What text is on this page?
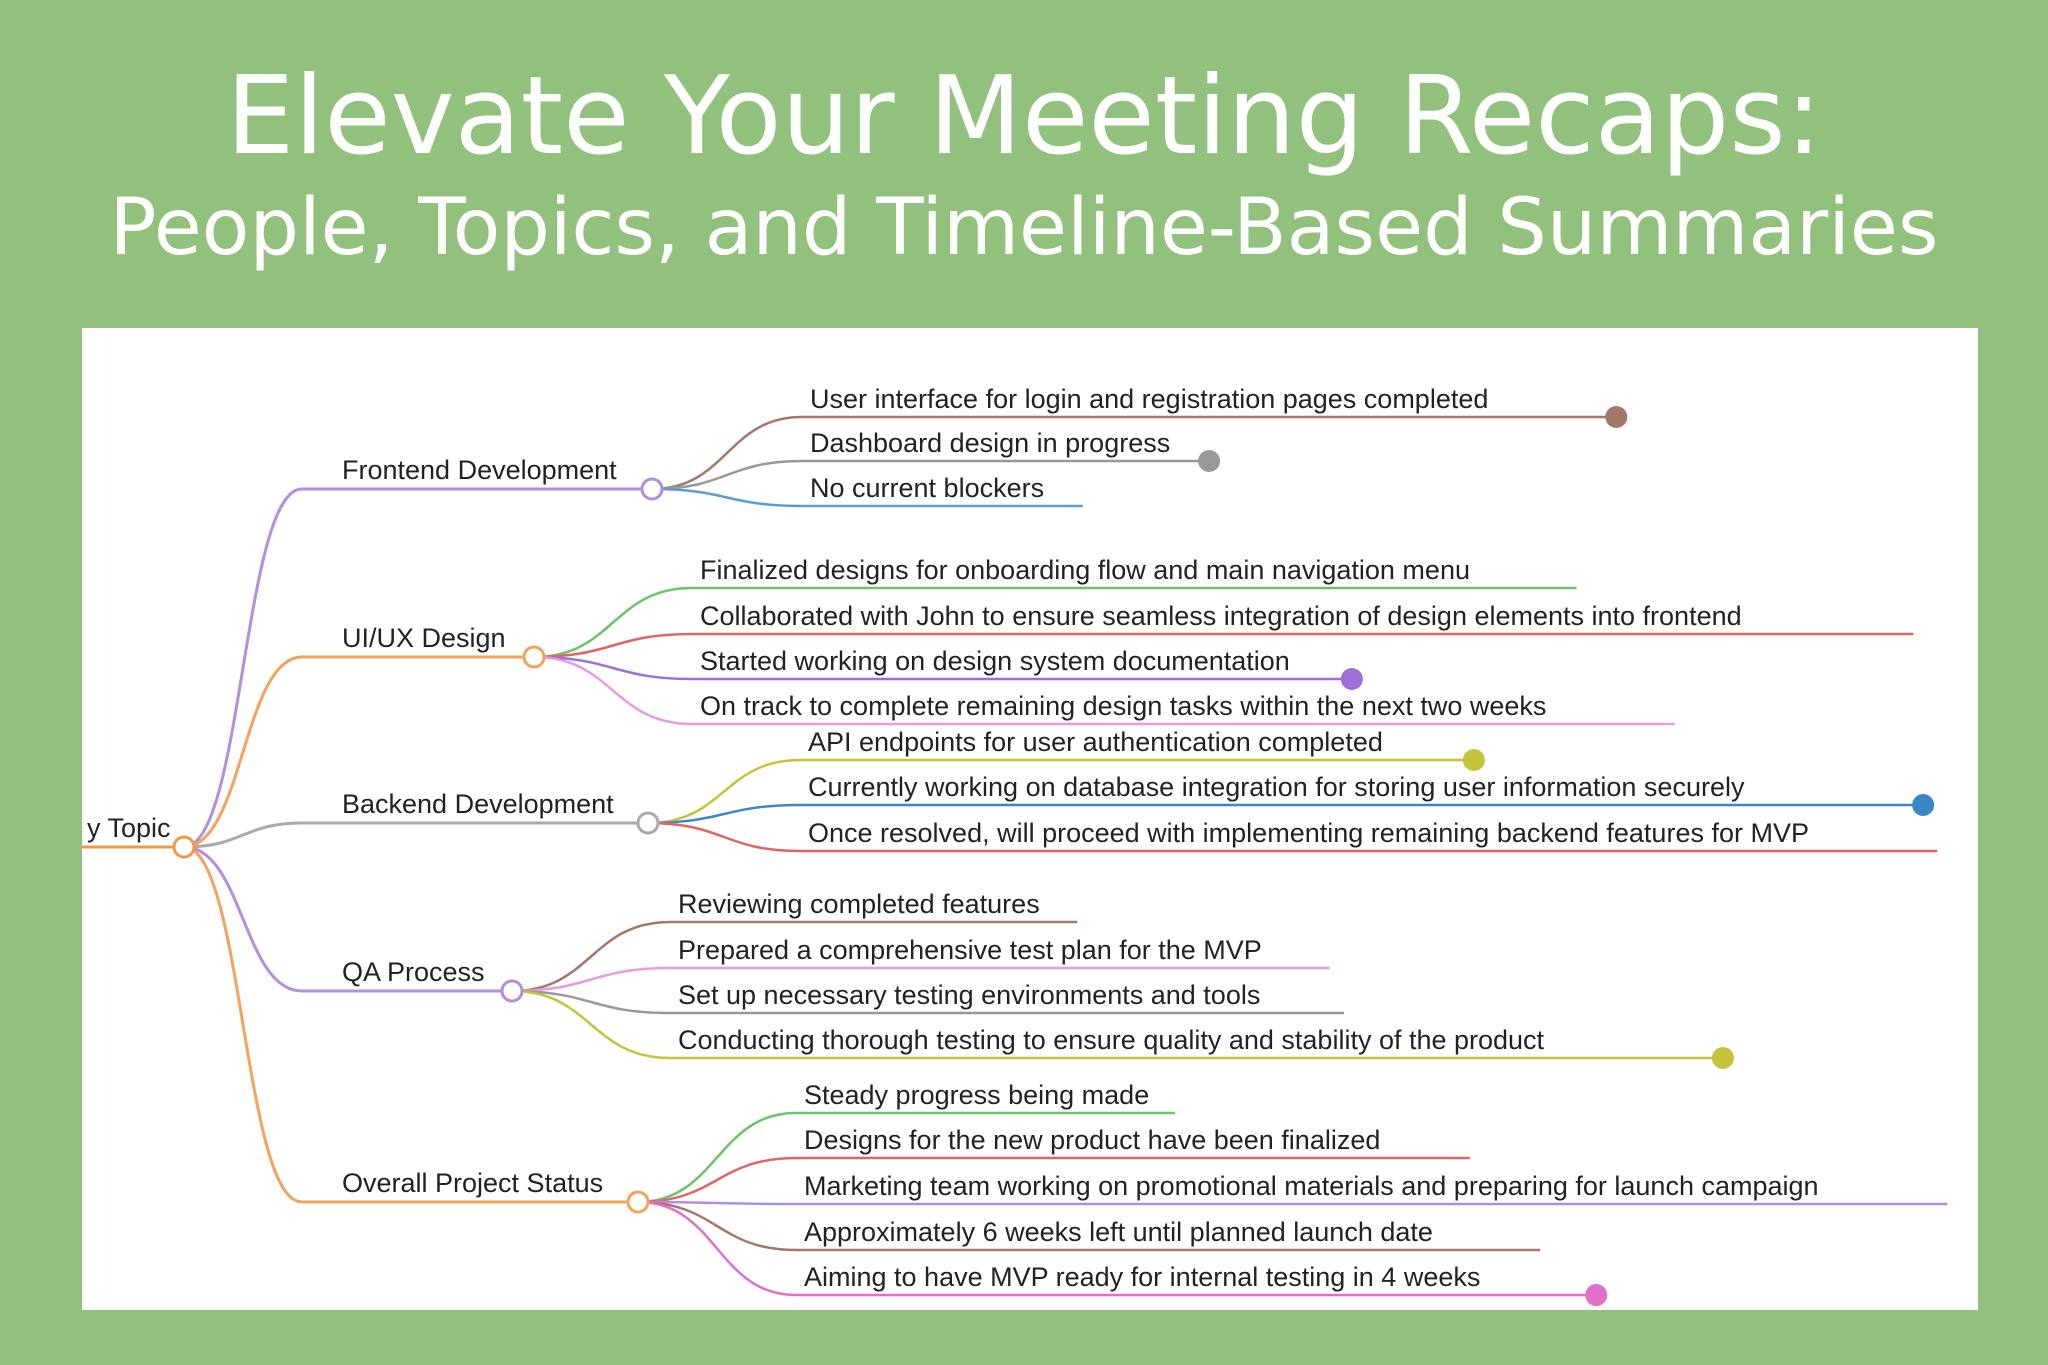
Elevate Your Meeting Recaps:
People, Topics, and Timeline-Based Summaries
y Topic
Frontend Development
User interface for login and registration pages completed
Dashboard design in progress
No current blockers
UI/UX Design
Finalized designs for onboarding flow and main navigation menu
Collaborated with John to ensure seamless integration of design elements into frontend
Started working on design system documentation
On track to complete remaining design tasks within the next two weeks
Backend Development
API endpoints for user authentication completed
Currently working on database integration for storing user information securely
Once resolved, will proceed with implementing remaining backend features for MVP
QA Process
Reviewing completed features
Prepared a comprehensive test plan for the MVP
Set up necessary testing environments and tools
Conducting thorough testing to ensure quality and stability of the product
Overall Project Status
Steady progress being made
Designs for the new product have been finalized
Marketing team working on promotional materials and preparing for launch campaign
Approximately 6 weeks left until planned launch date
Aiming to have MVP ready for internal testing in 4 weeks
